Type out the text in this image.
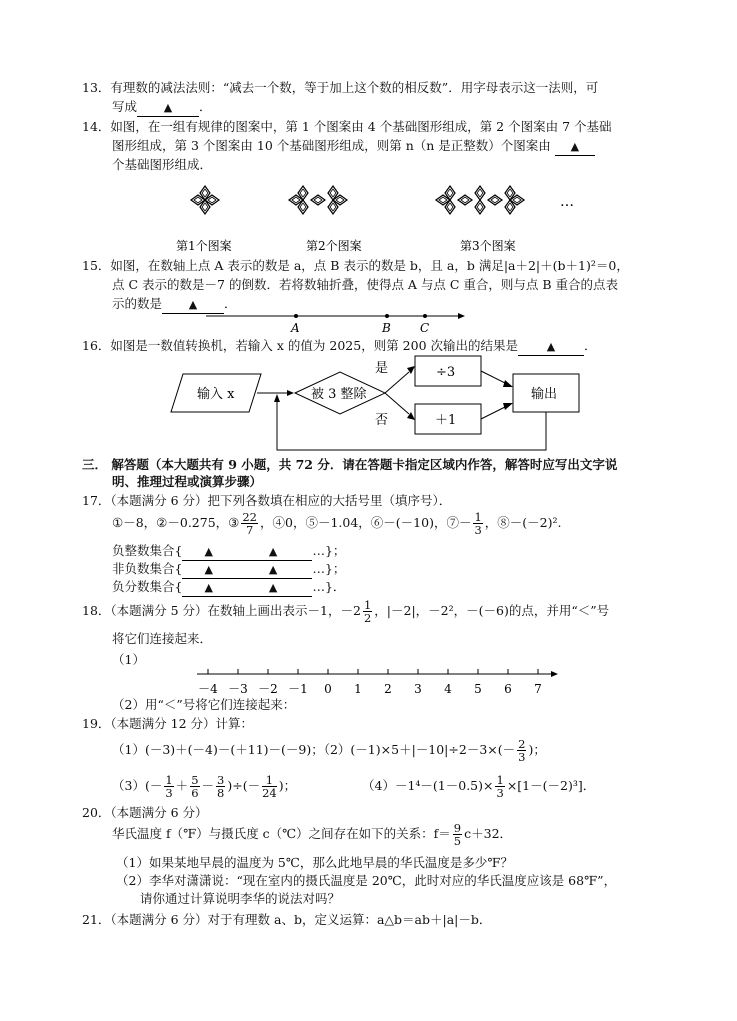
13．有理数的减法法则：“减去一个数，等于加上这个数的相反数”．用字母表示这一法则，可
写成 ▲ ．
14．如图，在一组有规律的图案中，第 1 个图案由 4 个基础图形组成，第 2 个图案由 7 个基础
图形组成，第 3 个图案由 10 个基础图形组成，则第 n（n 是正整数）个图案由 ▲
个基础图形组成．
…
第1个图案	第2个图案	第3个图案
15．如图，在数轴上点 A 表示的数是 a，点 B 表示的数是 b，且 a，b 满足|a＋2|＋(b＋1)²＝0，
点 C 表示的数是－7 的倒数．若将数轴折叠，使得点 A 与点 C 重合，则与点 B 重合的点表
示的数是 ▲ ．
A	B C
16．如图是一数值转换机，若输入 x 的值为 2025，则第 200 次输出的结果是	▲ ．
输入 x	被 3 整除
是
否
÷3
＋1
输出
三． 解答题（本大题共有 9 小题，共 72 分．请在答题卡指定区域内作答，解答时应写出文字说
明、推理过程或演算步骤）
17．（本题满分 6 分）把下列各数填在相应的大括号里（填序号）．
①－8，②－0.275，③ $\frac{22}{7}$ ，④0，⑤－1.04，⑥－(－10)，⑦－ $\frac{1}{3}$ ，⑧－(－2)².
负整数集合{ ▲	▲	…}；
非负数集合{ ▲	▲	…}；
负分数集合{ ▲	▲	…}．
18．（本题满分 5 分）在数轴上画出表示－1，$-2 \frac{1}{2}$ ，|－2|，－2²，－(－6)的点，并用“＜”号
将它们连接起来．
（1）
－4 －3 －2 －1 0 1 2 3 4 5 6 7
（2）用“＜”号将它们连接起来：
19．（本题满分 12 分）计算：
（1）(－3)＋(－4)－(＋11)－(－9)；$(2)(-1)\times 5+|-10|\div 2-3\times(- \frac{2}{3}$ )；
$(3)(- \frac{1}{3} + \frac{5}{6} - \frac{3}{8}$ )÷(－ $\frac{1}{24}$ )；	$(4)-1^4-(1-0.5)\times \frac{1}{3} \times[1-(-2)^3]$．
20．（本题满分 6 分）
华氏温度 f（℉）与摄氏度 c（℃）之间存在如下的关系：$f= \frac{9}{5} c+32$．
（1）如果某地早晨的温度为 5℃，那么此地早晨的华氏温度是多少℉？
（2）李华对潇潇说：“现在室内的摄氏温度是 20℃，此时对应的华氏温度应该是 68℉”，
请你通过计算说明李华的说法对吗？
21．（本题满分 6 分）对于有理数 a、b，定义运算：a△b＝ab＋|a|－b．
